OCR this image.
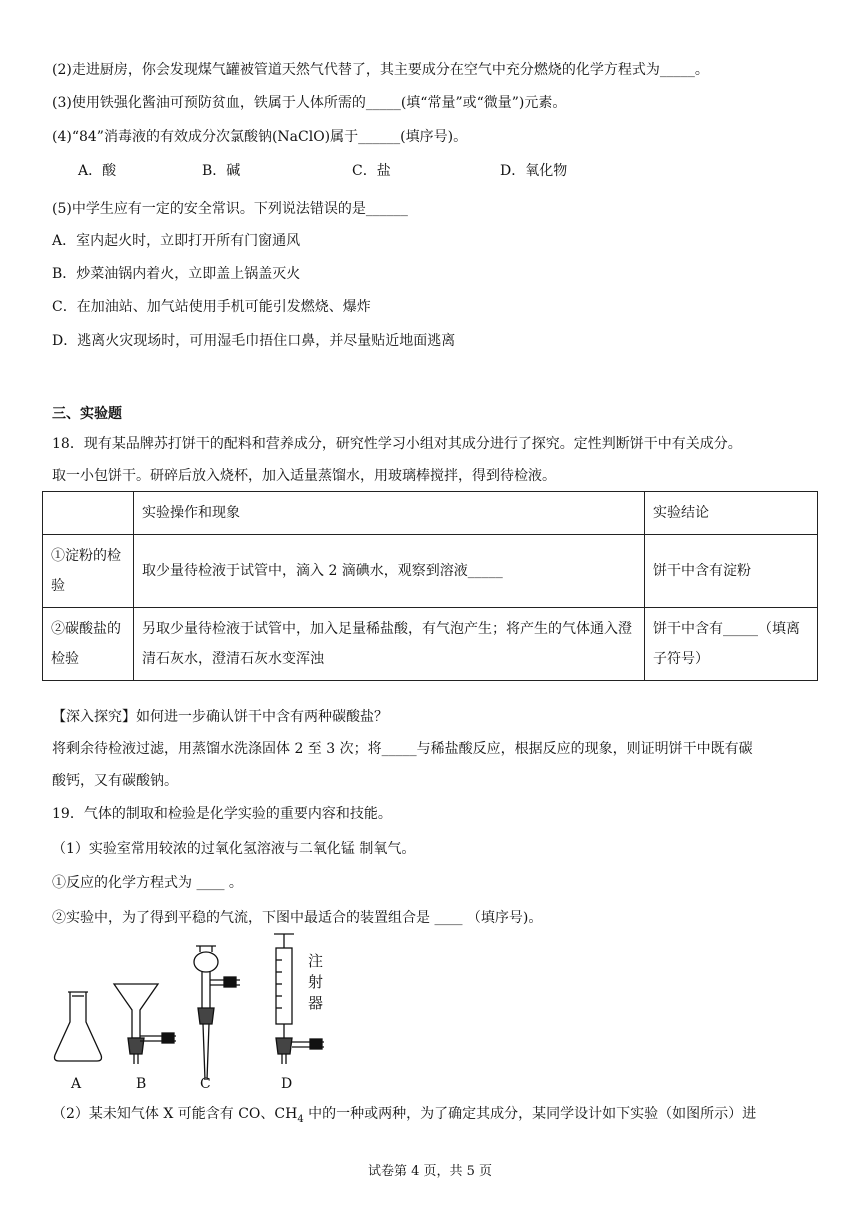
(2)走进厨房，你会发现煤气罐被管道天然气代替了，其主要成分在空气中充分燃烧的化学方程式为_____。
(3)使用铁强化酱油可预防贫血，铁属于人体所需的_____(填“常量”或“微量”)元素。
(4)“84”消毒液的有效成分次氯酸钠(NaClO)属于______(填序号)。
A．酸	B．碱	C．盐	D．氧化物
(5)中学生应有一定的安全常识。下列说法错误的是______
A．室内起火时，立即打开所有门窗通风
B．炒菜油锅内着火，立即盖上锅盖灭火
C．在加油站、加气站使用手机可能引发燃烧、爆炸
D．逃离火灾现场时，可用湿毛巾捂住口鼻，并尽量贴近地面逃离
三、实验题
18．现有某品牌苏打饼干的配料和营养成分，研究性学习小组对其成分进行了探究。定性判断饼干中有关成分。
取一小包饼干。研碎后放入烧杯，加入适量蒸馏水，用玻璃棒搅拌，得到待检液。
	实验操作和现象	实验结论
①淀粉的检验	取少量待检液于试管中，滴入 2 滴碘水，观察到溶液_____	饼干中含有淀粉
②碳酸盐的检验	另取少量待检液于试管中，加入足量稀盐酸，有气泡产生；将产生的气体通入澄清石灰水，澄清石灰水变浑浊	饼干中含有_____（填离子符号）
【深入探究】如何进一步确认饼干中含有两种碳酸盐？
将剩余待检液过滤，用蒸馏水洗涤固体 2 至 3 次；将_____与稀盐酸反应，根据反应的现象，则证明饼干中既有碳
酸钙，又有碳酸钠。
19．气体的制取和检验是化学实验的重要内容和技能。
（1）实验室常用较浓的过氧化氢溶液与二氧化锰 制氧气。
①反应的化学方程式为 ____ 。
②实验中，为了得到平稳的气流，下图中最适合的装置组合是 ____ （填序号)。
注
射
器
A	B	C	D
（2）某未知气体 X 可能含有 CO、$CH_4$ 中的一种或两种，为了确定其成分，某同学设计如下实验（如图所示）进
试卷第 4 页，共 5 页
